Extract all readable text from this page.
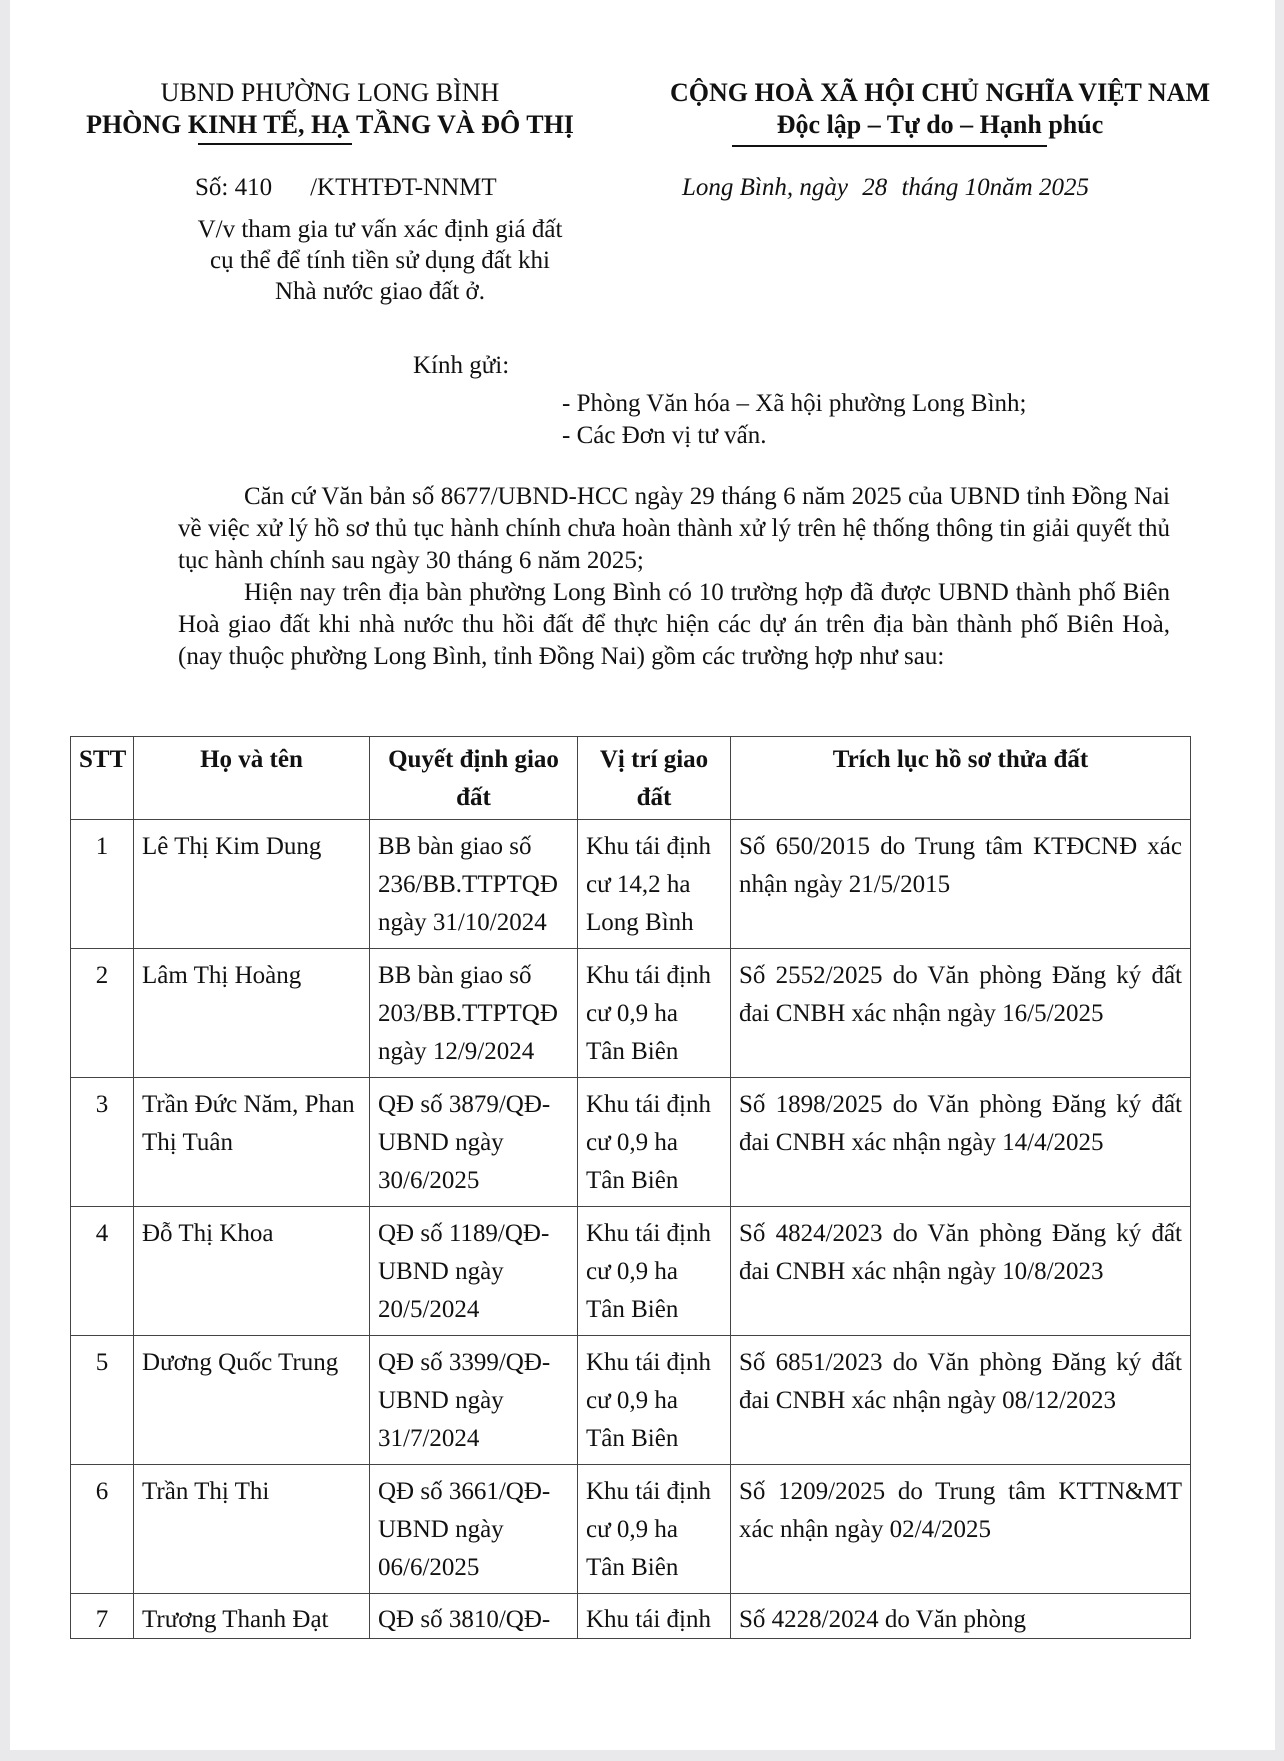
UBND PHƯỜNG LONG BÌNH
PHÒNG KINH TẾ, HẠ TẦNG VÀ ĐÔ THỊ
CỘNG HOÀ XÃ HỘI CHỦ NGHĨA VIỆT NAM
Độc lập – Tự do – Hạnh phúc
Số: 410 /KTHTĐT-NNMT	Long Bình, ngày 28 tháng 10năm 2025
V/v tham gia tư vấn xác định giá đất
cụ thể để tính tiền sử dụng đất khi
Nhà nước giao đất ở.
Kính gửi:
- Phòng Văn hóa – Xã hội phường Long Bình;
- Các Đơn vị tư vấn.
Căn cứ Văn bản số 8677/UBND-HCC ngày 29 tháng 6 năm 2025 của UBND tỉnh Đồng Nai về việc xử lý hồ sơ thủ tục hành chính chưa hoàn thành xử lý trên hệ thống thông tin giải quyết thủ tục hành chính sau ngày 30 tháng 6 năm 2025;
Hiện nay trên địa bàn phường Long Bình có 10 trường hợp đã được UBND thành phố Biên Hoà giao đất khi nhà nước thu hồi đất để thực hiện các dự án trên địa bàn thành phố Biên Hoà, (nay thuộc phường Long Bình, tỉnh Đồng Nai) gồm các trường hợp như sau:
STT	Họ và tên	Quyết định giao đất	Vị trí giao đất	Trích lục hồ sơ thửa đất
1	Lê Thị Kim Dung	BB bàn giao số 236/BB.TTPTQĐ ngày 31/10/2024	Khu tái định cư 14,2 ha Long Bình	Số 650/2015 do Trung tâm KTĐCNĐ xác nhận ngày 21/5/2015
2	Lâm Thị Hoàng	BB bàn giao số 203/BB.TTPTQĐ ngày 12/9/2024	Khu tái định cư 0,9 ha Tân Biên	Số 2552/2025 do Văn phòng Đăng ký đất đai CNBH xác nhận ngày 16/5/2025
3	Trần Đức Năm, Phan Thị Tuân	QĐ số 3879/QĐ-UBND ngày 30/6/2025	Khu tái định cư 0,9 ha Tân Biên	Số 1898/2025 do Văn phòng Đăng ký đất đai CNBH xác nhận ngày 14/4/2025
4	Đỗ Thị Khoa	QĐ số 1189/QĐ-UBND ngày 20/5/2024	Khu tái định cư 0,9 ha Tân Biên	Số 4824/2023 do Văn phòng Đăng ký đất đai CNBH xác nhận ngày 10/8/2023
5	Dương Quốc Trung	QĐ số 3399/QĐ-UBND ngày 31/7/2024	Khu tái định cư 0,9 ha Tân Biên	Số 6851/2023 do Văn phòng Đăng ký đất đai CNBH xác nhận ngày 08/12/2023
6	Trần Thị Thi	QĐ số 3661/QĐ-UBND ngày 06/6/2025	Khu tái định cư 0,9 ha Tân Biên	Số 1209/2025 do Trung tâm KTTN&MT xác nhận ngày 02/4/2025
7	Trương Thanh Đạt	QĐ số 3810/QĐ-	Khu tái định	Số 4228/2024 do Văn phòng
